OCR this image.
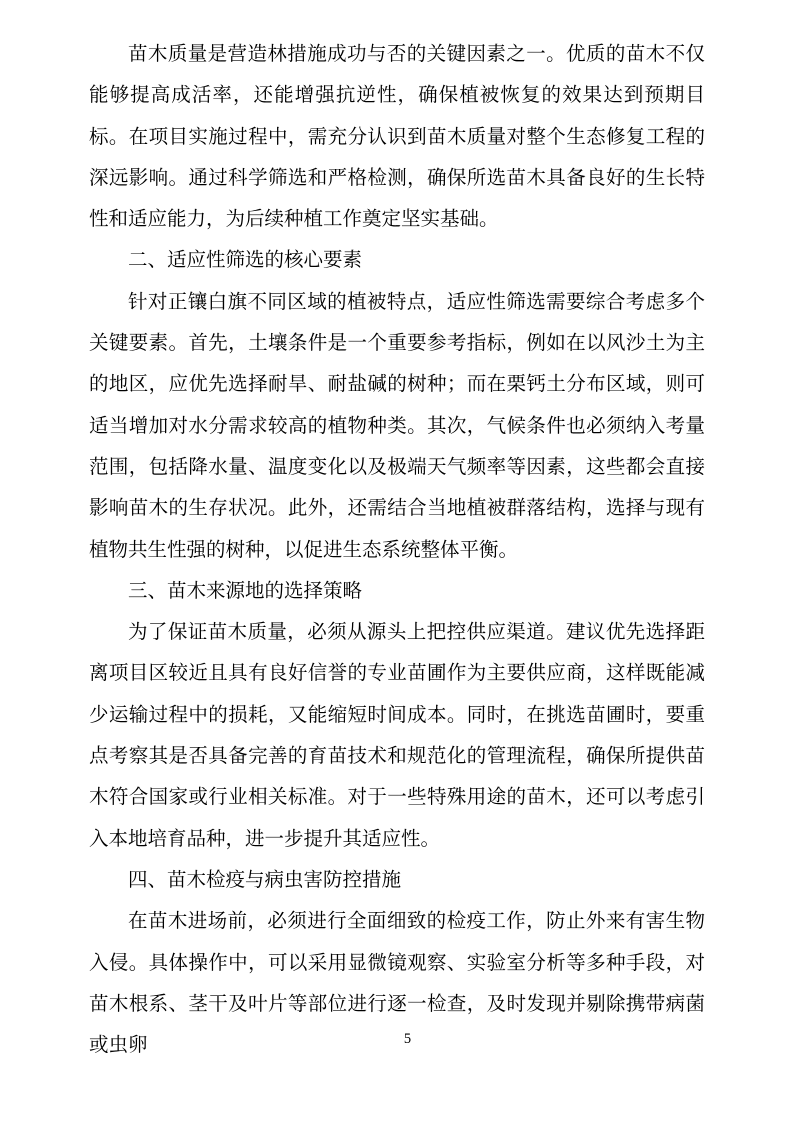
苗木质量是营造林措施成功与否的关键因素之一。优质的苗木不仅能够提高成活率，还能增强抗逆性，确保植被恢复的效果达到预期目标。在项目实施过程中，需充分认识到苗木质量对整个生态修复工程的深远影响。通过科学筛选和严格检测，确保所选苗木具备良好的生长特性和适应能力，为后续种植工作奠定坚实基础。

二、适应性筛选的核心要素

针对正镶白旗不同区域的植被特点，适应性筛选需要综合考虑多个关键要素。首先，土壤条件是一个重要参考指标，例如在以风沙土为主的地区，应优先选择耐旱、耐盐碱的树种；而在栗钙土分布区域，则可适当增加对水分需求较高的植物种类。其次，气候条件也必须纳入考量范围，包括降水量、温度变化以及极端天气频率等因素，这些都会直接影响苗木的生存状况。此外，还需结合当地植被群落结构，选择与现有植物共生性强的树种，以促进生态系统整体平衡。

三、苗木来源地的选择策略

为了保证苗木质量，必须从源头上把控供应渠道。建议优先选择距离项目区较近且具有良好信誉的专业苗圃作为主要供应商，这样既能减少运输过程中的损耗，又能缩短时间成本。同时，在挑选苗圃时，要重点考察其是否具备完善的育苗技术和规范化的管理流程，确保所提供苗木符合国家或行业相关标准。对于一些特殊用途的苗木，还可以考虑引入本地培育品种，进一步提升其适应性。

四、苗木检疫与病虫害防控措施

在苗木进场前，必须进行全面细致的检疫工作，防止外来有害生物入侵。具体操作中，可以采用显微镜观察、实验室分析等多种手段，对苗木根系、茎干及叶片等部位进行逐一检查，及时发现并剔除携带病菌或虫卵	5
